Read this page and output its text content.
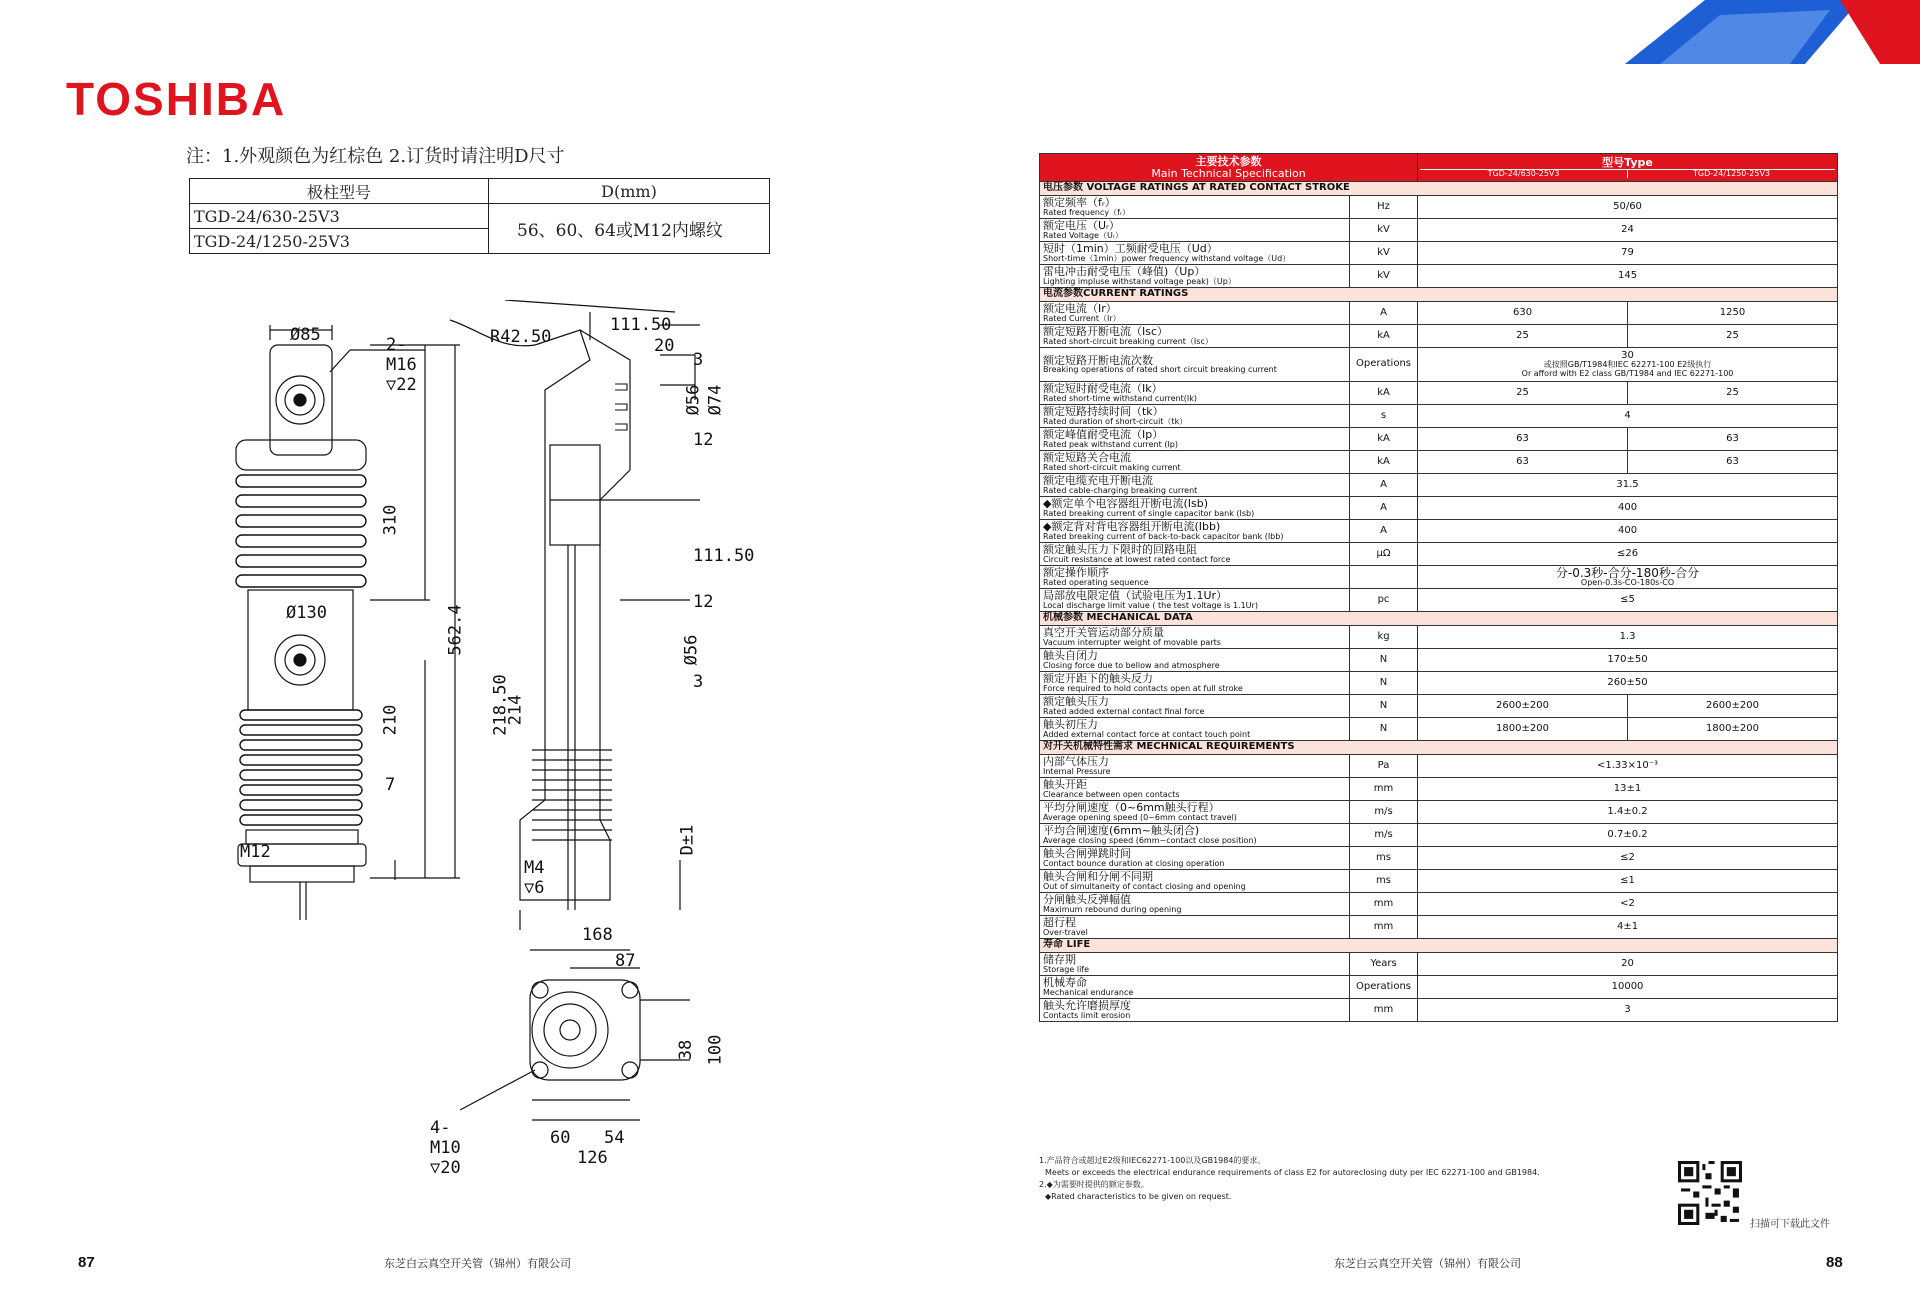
TOSHIBA
注：1.外观颜色为红棕色 2.订货时请注明D尺寸
极柱型号	D(mm)
TGD-24/630-25V3	56、60、64或M12内螺纹
TGD-24/1250-25V3	
Ø85	2-M16 ▽22
310
Ø130	562.4
210
7
M12
R42.50
111.50
20
3
Ø56 Ø74
12
111.50
12
Ø56
3
218.50
214
D±1
M4 ▽6
168
87
38 100
4-M10 ▽20
60 54
126
87	东芝白云真空开关管（锦州）有限公司
主要技术参数
Main Technical Specification		型号Type
TGD-24/630-25V3 TGD-24/1250-25V3	

电压参数 VOLTAGE RATINGS AT RATED CONTACT STROKE			

额定频率（fᵣ）
Rated frequency（fᵣ）	Hz	50/60	

额定电压（Uᵣ）
Rated Voltage（Uᵣ）	kV	24	

短时（1min）工频耐受电压（Ud）
Short-time（1min）power frequency withstand voltage（Ud）	kV	79	

雷电冲击耐受电压（峰值)（Up）
Lighting impluse withstand voltage peak)（Up）	kV	145	

电流参数CURRENT RATINGS			

额定电流（Ir）
Rated Current（Ir）	A	630	1250

额定短路开断电流（Isc）
Rated short-circuit breaking current（Isc）	kA	25	25

额定短路开断电流次数
Breaking operations of rated short circuit breaking current	Operations	30
或按照GB/T1984和IEC 62271-100 E2级执行
Or afford with E2 class GB/T1984 and IEC 62271-100	

额定短时耐受电流（Ik）
Rated short-time withstand current(Ik)	kA	25	25

额定短路持续时间（tk）
Rated duration of short-circuit（tk）	s	4	

额定峰值耐受电流（Ip）
Rated peak withstand current (Ip)	kA	63	63

额定短路关合电流
Rated short-circuit making current	kA	63	63

额定电缆充电开断电流
Rated cable-charging breaking current	A	31.5	

◆额定单个电容器组开断电流(Isb)
Rated breaking current of single capacitor bank (Isb)	A	400	

◆额定背对背电容器组开断电流(Ibb)
Rated breaking current of back-to-back capacitor bank (Ibb)	A	400	

额定触头压力下限时的回路电阻
Circuit resistance at lowest rated contact force	μΩ	≤26	

额定操作顺序
Rated operating sequence		分-0.3秒-合分-180秒-合分
Open-0.3s-CO-180s-CO	

局部放电限定值（试验电压为1.1Ur）
Local discharge limit value ( the test voltage is 1.1Ur)	pc	≤5	

机械参数 MECHANICAL DATA			

真空开关管运动部分质量
Vacuum interrupter weight of movable parts	kg	1.3	

触头自闭力
Closing force due to bellow and atmosphere	N	170±50	

额定开距下的触头反力
Force required to hold contacts open at full stroke	N	260±50	

额定触头压力
Rated added external contact final force	N	2600±200	2600±200

触头初压力
Added external contact force at contact touch point	N	1800±200	1800±200
对开关机械特性需求 MECHNICAL REQUIREMENTS			

内部气体压力
Internal Pressure	Pa	<1.33×10⁻³	

触头开距
Clearance between open contacts	mm	13±1	

平均分闸速度（0~6mm触头行程）
Average opening speed (0~6mm contact travel)	m/s	1.4±0.2	

平均合闸速度(6mm~触头闭合)
Average closing speed (6mm~contact close position)	m/s	0.7±0.2	

触头合闸弹跳时间
Contact bounce duration at closing operation	ms	≤2	

触头合闸和分闸不同期
Out of simultaneity of contact closing and opening	ms	≤1	

分闸触头反弹幅值
Maximum rebound during opening	mm	<2	

超行程
Over-travel	mm	4±1	

寿命 LIFE			

储存期
Storage life	Years	20	

机械寿命
Mechanical endurance	Operations	10000	

触头允许磨损厚度
Contacts limit erosion	mm	3	
1.产品符合或超过E2级和IEC62271-100以及GB1984的要求。
Meets or exceeds the electrical endurance requirements of class E2 for autoreclosing duty per IEC 62271-100 and GB1984.
2.◆为需要时提供的额定参数。
◆Rated characteristics to be given on request.
扫描可下载此文件
东芝白云真空开关管（锦州）有限公司	88
